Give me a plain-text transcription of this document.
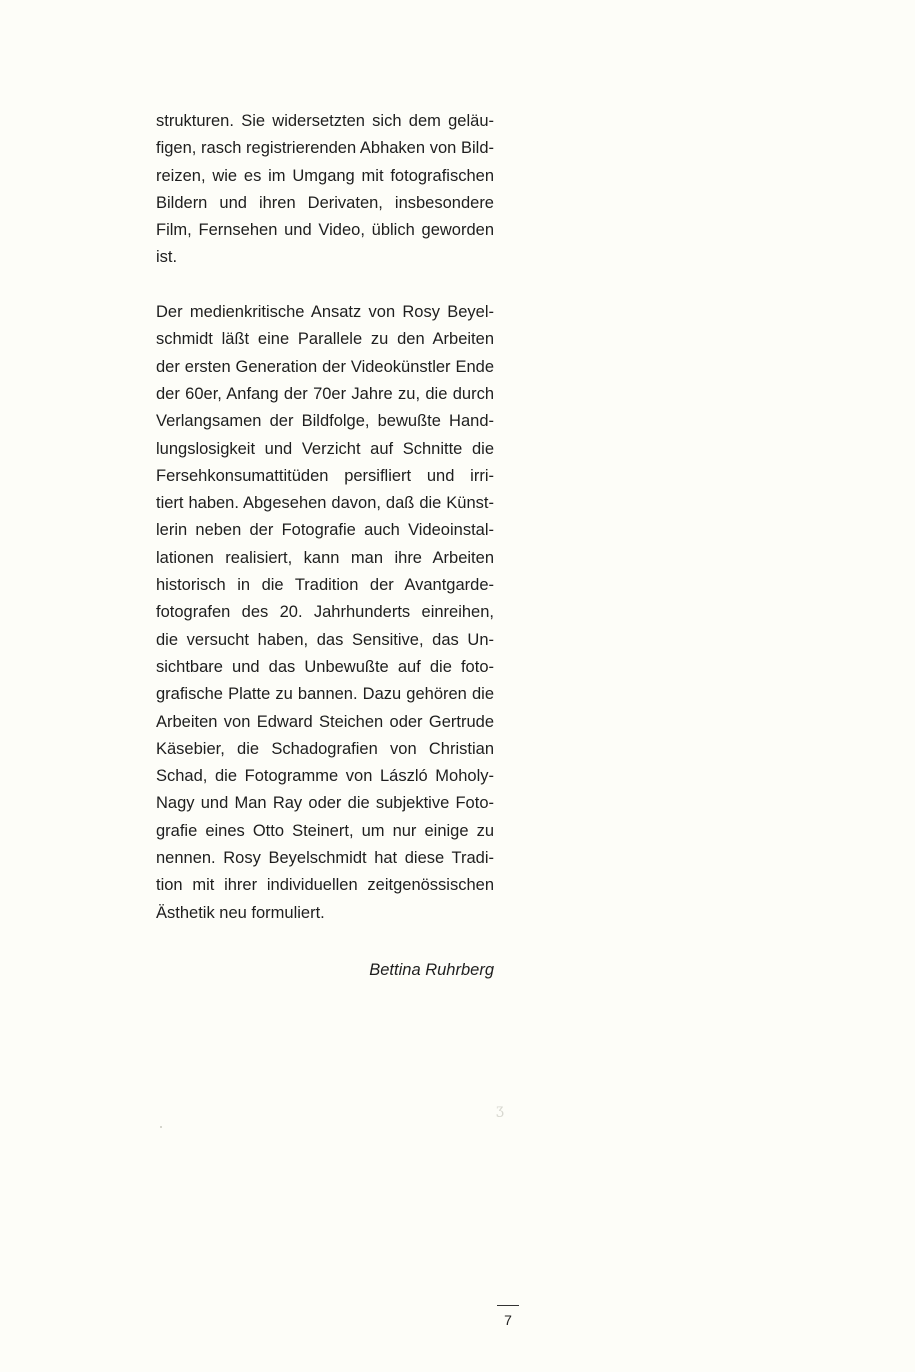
strukturen. Sie widersetzten sich dem geläu-
figen, rasch registrierenden Abhaken von Bild-
reizen, wie es im Umgang mit fotografischen
Bildern und ihren Derivaten, insbesondere
Film, Fernsehen und Video, üblich geworden
ist.

Der medienkritische Ansatz von Rosy Beyel-
schmidt läßt eine Parallele zu den Arbeiten
der ersten Generation der Videokünstler Ende
der 60er, Anfang der 70er Jahre zu, die durch
Verlangsamen der Bildfolge, bewußte Hand-
lungslosigkeit und Verzicht auf Schnitte die
Fersehkonsumattitüden persifliert und irri-
tiert haben. Abgesehen davon, daß die Künst-
lerin neben der Fotografie auch Videoinstal-
lationen realisiert, kann man ihre Arbeiten
historisch in die Tradition der Avantgarde-
fotografen des 20. Jahrhunderts einreihen,
die versucht haben, das Sensitive, das Un-
sichtbare und das Unbewußte auf die foto-
grafische Platte zu bannen. Dazu gehören die
Arbeiten von Edward Steichen oder Gertrude
Käsebier, die Schadografien von Christian
Schad, die Fotogramme von László Moholy-
Nagy und Man Ray oder die subjektive Foto-
grafie eines Otto Steinert, um nur einige zu
nennen. Rosy Beyelschmidt hat diese Tradi-
tion mit ihrer individuellen zeitgenössischen
Ästhetik neu formuliert.

Bettina Ruhrberg
ʒ
7
